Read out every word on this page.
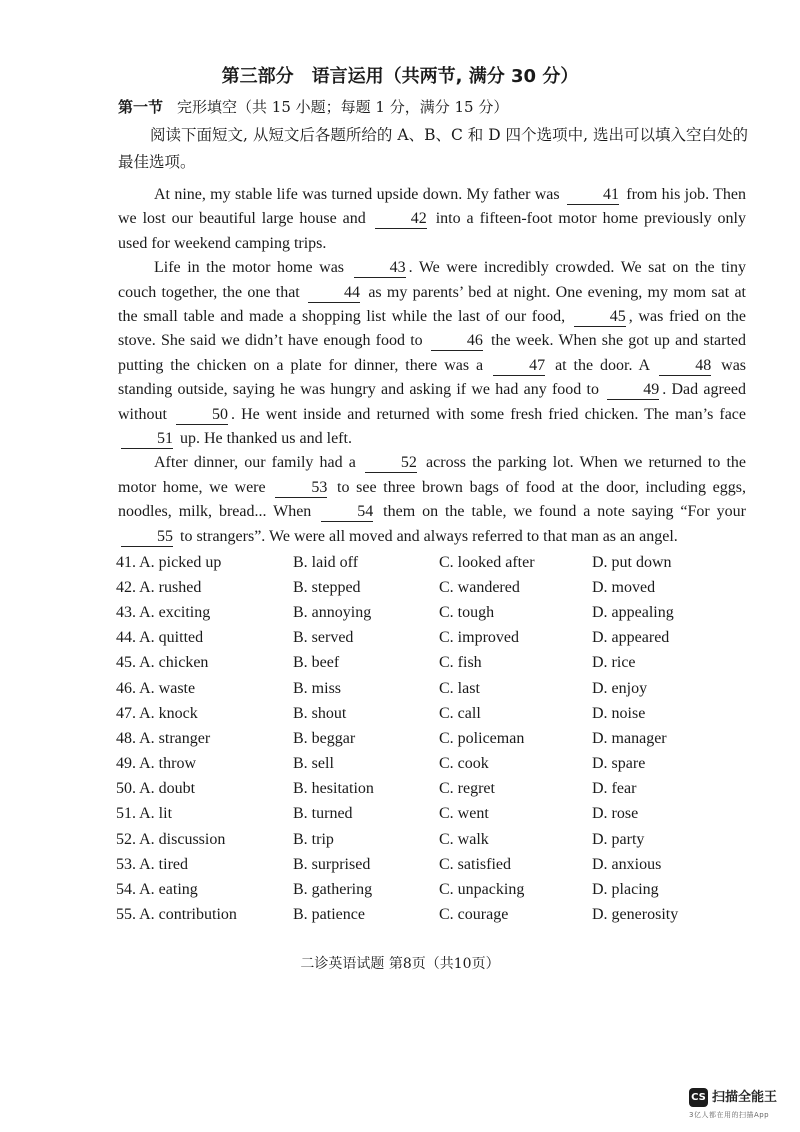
第三部分　语言运用（共两节, 满分 30 分）
第一节 完形填空（共 15 小题；每题 1 分，满分 15 分）
阅读下面短文, 从短文后各题所给的 A、B、C 和 D 四个选项中, 选出可以填入空白处的最佳选项。

At nine, my stable life was turned upside down. My father was	41 from his job. Then we lost our beautiful large house and	42 into a fifteen-foot motor home previously only used for weekend camping trips.

Life in the motor home was	43 . We were incredibly crowded. We sat on the tiny couch together, the one that	44 as my parents’ bed at night. One evening, my mom sat at the small table and made a shopping list while the last of our food,	45 , was fried on the stove. She said we didn’t have enough food to	46 the week. When she got up and started putting the chicken on a plate for dinner, there was a	47 at the door. A	48 was standing outside, saying he was hungry and asking if we had any food to	49 . Dad agreed without	50 . He went inside and returned with some fresh fried chicken. The man’s face 51 up. He thanked us and left.

After dinner, our family had a	52 across the parking lot. When we returned to the motor home, we were	53 to see three brown bags of food at the door, including eggs, noodles, milk, bread... When	54 them on the table, we found a note saying “For your 55 to strangers”. We were all moved and always referred to that man as an angel.

41. A. picked up	B. laid off	C. looked after	D. put down
42. A. rushed	B. stepped	C. wandered	D. moved
43. A. exciting	B. annoying	C. tough	D. appealing
44. A. quitted	B. served	C. improved	D. appeared
45. A. chicken	B. beef	C. fish	D. rice
46. A. waste	B. miss	C. last	D. enjoy
47. A. knock	B. shout	C. call	D. noise
48. A. stranger	B. beggar	C. policeman	D. manager
49. A. throw	B. sell	C. cook	D. spare
50. A. doubt	B. hesitation	C. regret	D. fear
51. A. lit	B. turned	C. went	D. rose
52. A. discussion	B. trip	C. walk	D. party
53. A. tired	B. surprised	C. satisfied	D. anxious
54. A. eating	B. gathering	C. unpacking	D. placing
55. A. contribution	B. patience	C. courage	D. generosity
二诊英语试题 第8页（共10页）
CS 扫描全能王
3亿人都在用的扫描App
